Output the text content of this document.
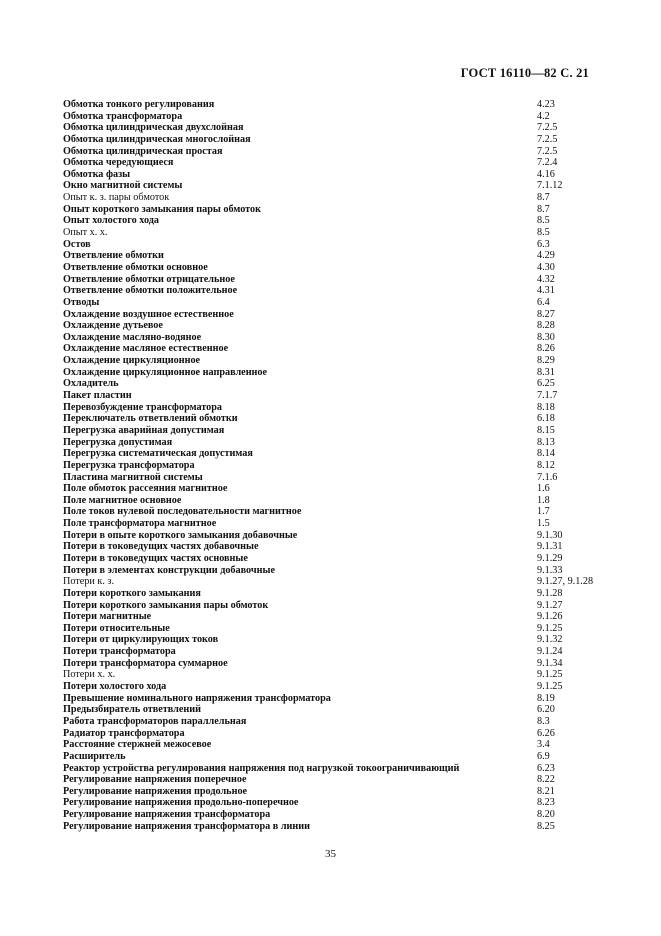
ГОСТ 16110—82 С. 21
Обмотка тонкого регулирования	4.23
Обмотка трансформатора	4.2
Обмотка цилиндрическая двухслойная	7.2.5
Обмотка цилиндрическая многослойная	7.2.5
Обмотка цилиндрическая простая	7.2.5
Обмотка чередующиеся	7.2.4
Обмотка фазы	4.16
Окно магнитной системы	7.1.12
Опыт к. з. пары обмоток	8.7
Опыт короткого замыкания пары обмоток	8.7
Опыт холостого хода	8.5
Опыт х. х.	8.5
Остов	6.3
Ответвление обмотки	4.29
Ответвление обмотки основное	4.30
Ответвление обмотки отрицательное	4.32
Ответвление обмотки положительное	4.31
Отводы	6.4
Охлаждение воздушное естественное	8.27
Охлаждение дутьевое	8.28
Охлаждение масляно-водяное	8.30
Охлаждение масляное естественное	8.26
Охлаждение циркуляционное	8.29
Охлаждение циркуляционное направленное	8.31
Охладитель	6.25
Пакет пластин	7.1.7
Перевозбуждение трансформатора	8.18
Переключатель ответвлений обмотки	6.18
Перегрузка аварийная допустимая	8.15
Перегрузка допустимая	8.13
Перегрузка систематическая допустимая	8.14
Перегрузка трансформатора	8.12
Пластина магнитной системы	7.1.6
Поле обмоток рассеяния магнитное	1.6
Поле магнитное основное	1.8
Поле токов нулевой последовательности магнитное	1.7
Поле трансформатора магнитное	1.5
Потери в опыте короткого замыкания добавочные	9.1.30
Потери в токоведущих частях добавочные	9.1.31
Потери в токоведущих частях основные	9.1.29
Потери в элементах конструкции добавочные	9.1.33
Потери к. з.	9.1.27, 9.1.28
Потери короткого замыкания	9.1.28
Потери короткого замыкания пары обмоток	9.1.27
Потери магнитные	9.1.26
Потери относительные	9.1.25
Потери от циркулирующих токов	9.1.32
Потери трансформатора	9.1.24
Потери трансформатора суммарное	9.1.34
Потери х. х.	9.1.25
Потери холостого хода	9.1.25
Превышение номинального напряжения трансформатора	8.19
Предызбиратель ответвлений	6.20
Работа трансформаторов параллельная	8.3
Радиатор трансформатора	6.26
Расстояние стержней межосевое	3.4
Расширитель	6.9
Реактор устройства регулирования напряжения под нагрузкой токоограничивающий	6.23
Регулирование напряжения поперечное	8.22
Регулирование напряжения продольное	8.21
Регулирование напряжения продольно-поперечное	8.23
Регулирование напряжения трансформатора	8.20
Регулирование напряжения трансформатора в линии	8.25
35
